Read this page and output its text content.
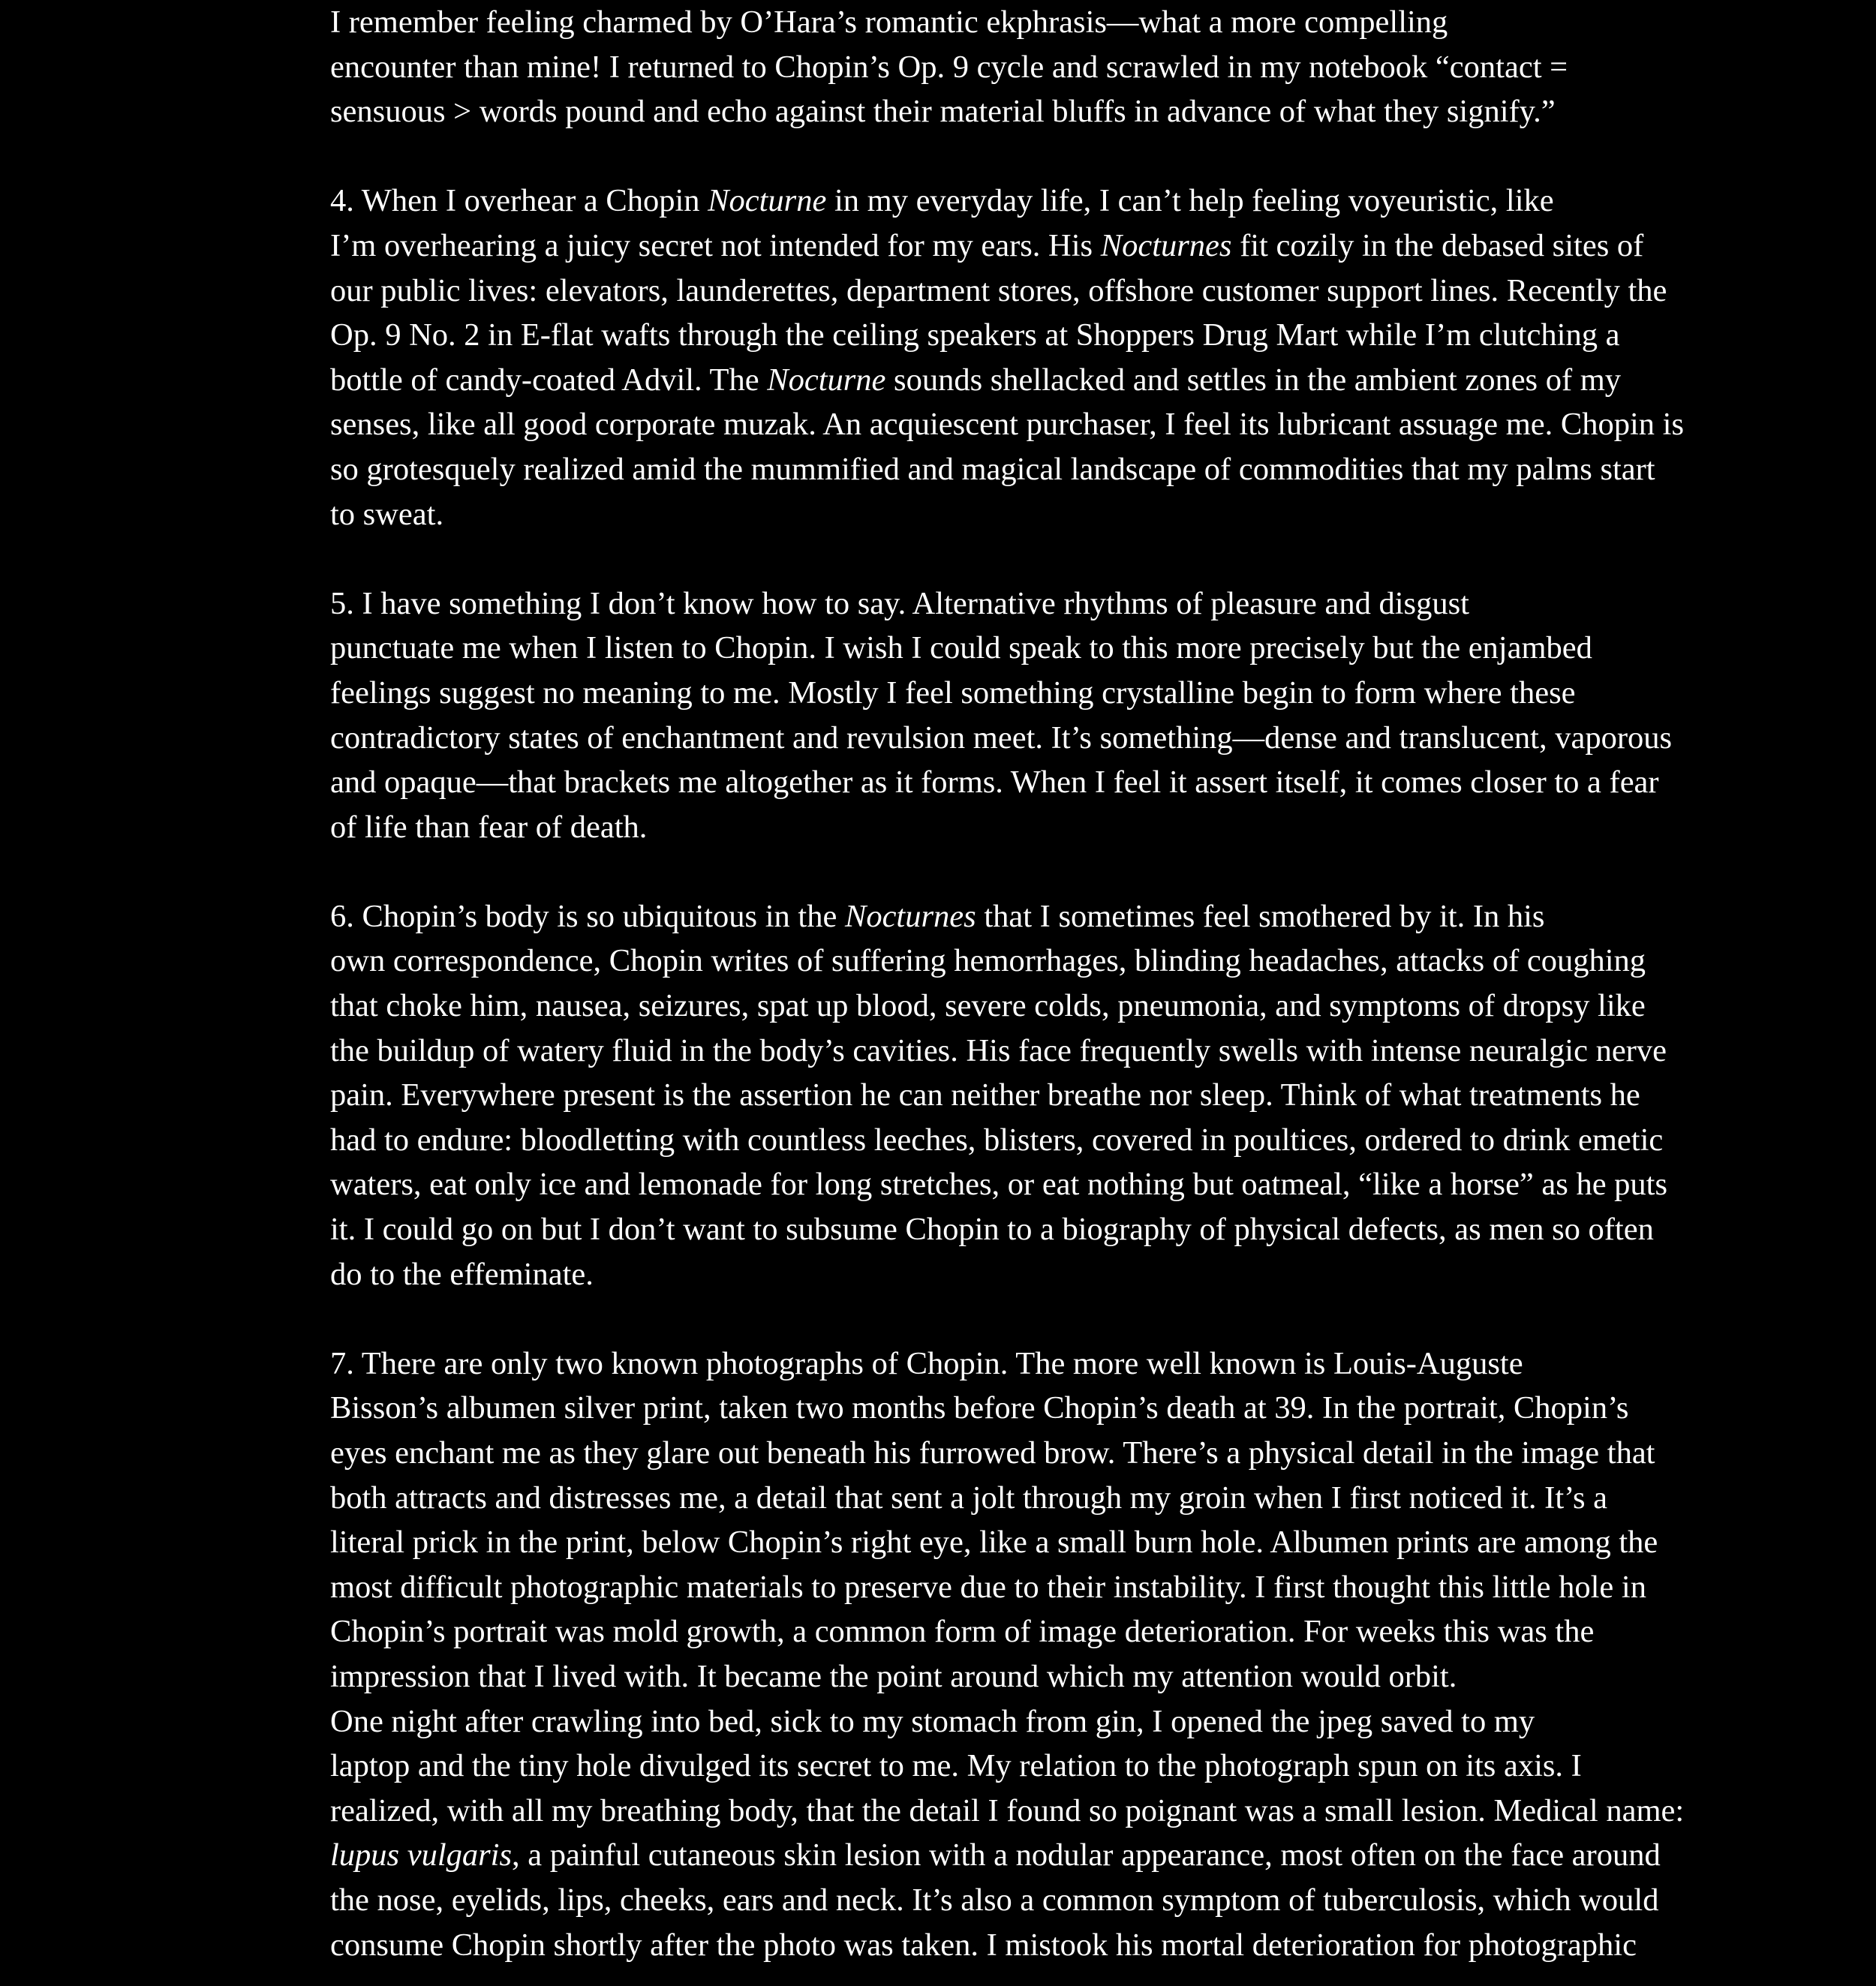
I remember feeling charmed by O’Hara’s romantic ekphrasis—what a more compelling
encounter than mine! I returned to Chopin’s Op. 9 cycle and scrawled in my notebook “contact =
sensuous > words pound and echo against their material bluffs in advance of what they signify.”

4. When I overhear a Chopin Nocturne in my everyday life, I can’t help feeling voyeuristic, like
I’m overhearing a juicy secret not intended for my ears. His Nocturnes fit cozily in the debased sites of
our public lives: elevators, launderettes, department stores, offshore customer support lines. Recently the
Op. 9 No. 2 in E-flat wafts through the ceiling speakers at Shoppers Drug Mart while I’m clutching a
bottle of candy-coated Advil. The Nocturne sounds shellacked and settles in the ambient zones of my
senses, like all good corporate muzak. An acquiescent purchaser, I feel its lubricant assuage me. Chopin is
so grotesquely realized amid the mummified and magical landscape of commodities that my palms start
to sweat.

5. I have something I don’t know how to say. Alternative rhythms of pleasure and disgust
punctuate me when I listen to Chopin. I wish I could speak to this more precisely but the enjambed
feelings suggest no meaning to me. Mostly I feel something crystalline begin to form where these
contradictory states of enchantment and revulsion meet. It’s something—dense and translucent, vaporous
and opaque—that brackets me altogether as it forms. When I feel it assert itself, it comes closer to a fear
of life than fear of death.

6. Chopin’s body is so ubiquitous in the Nocturnes that I sometimes feel smothered by it. In his
own correspondence, Chopin writes of suffering hemorrhages, blinding headaches, attacks of coughing
that choke him, nausea, seizures, spat up blood, severe colds, pneumonia, and symptoms of dropsy like
the buildup of watery fluid in the body’s cavities. His face frequently swells with intense neuralgic nerve
pain. Everywhere present is the assertion he can neither breathe nor sleep. Think of what treatments he
had to endure: bloodletting with countless leeches, blisters, covered in poultices, ordered to drink emetic
waters, eat only ice and lemonade for long stretches, or eat nothing but oatmeal, “like a horse” as he puts
it. I could go on but I don’t want to subsume Chopin to a biography of physical defects, as men so often
do to the effeminate.

7. There are only two known photographs of Chopin. The more well known is Louis-Auguste
Bisson’s albumen silver print, taken two months before Chopin’s death at 39. In the portrait, Chopin’s
eyes enchant me as they glare out beneath his furrowed brow. There’s a physical detail in the image that
both attracts and distresses me, a detail that sent a jolt through my groin when I first noticed it. It’s a
literal prick in the print, below Chopin’s right eye, like a small burn hole. Albumen prints are among the
most difficult photographic materials to preserve due to their instability. I first thought this little hole in
Chopin’s portrait was mold growth, a common form of image deterioration. For weeks this was the
impression that I lived with. It became the point around which my attention would orbit.

One night after crawling into bed, sick to my stomach from gin, I opened the jpeg saved to my
laptop and the tiny hole divulged its secret to me. My relation to the photograph spun on its axis. I
realized, with all my breathing body, that the detail I found so poignant was a small lesion. Medical name:
lupus vulgaris, a painful cutaneous skin lesion with a nodular appearance, most often on the face around
the nose, eyelids, lips, cheeks, ears and neck. It’s also a common symptom of tuberculosis, which would
consume Chopin shortly after the photo was taken. I mistook his mortal deterioration for photographic
